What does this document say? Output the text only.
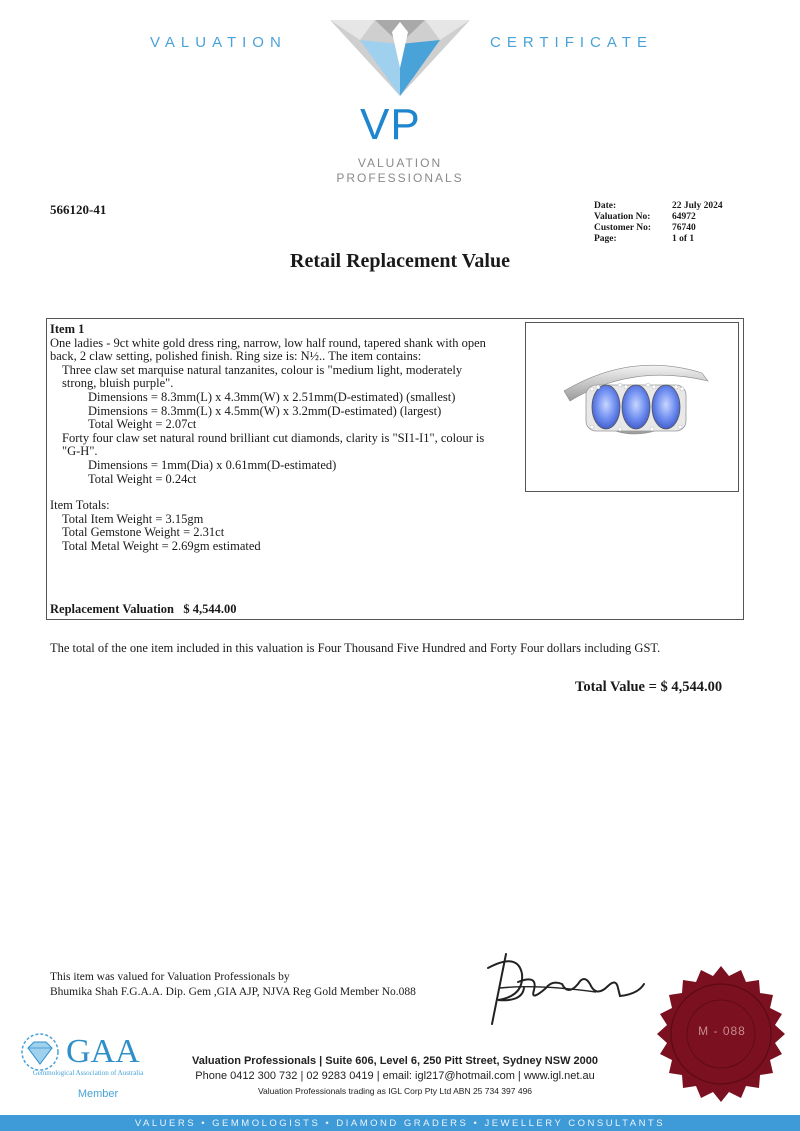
VALUATION	CERTIFICATE
VP
VALUATION
PROFESSIONALS
566120-41	Date:	22 July 2024
Valuation No:	64972
Customer No:	76740
Page:	1 of 1
Retail Replacement Value
Item 1
One ladies - 9ct white gold dress ring, narrow, low half round, tapered shank with open
back, 2 claw setting, polished finish. Ring size is: N½.. The item contains:
Three claw set marquise natural tanzanites, colour is "medium light, moderately
strong, bluish purple".
Dimensions = 8.3mm(L) x 4.3mm(W) x 2.51mm(D-estimated) (smallest)
Dimensions = 8.3mm(L) x 4.5mm(W) x 3.2mm(D-estimated) (largest)
Total Weight = 2.07ct
Forty four claw set natural round brilliant cut diamonds, clarity is "SI1-I1", colour is
"G-H".
Dimensions = 1mm(Dia) x 0.61mm(D-estimated)
Total Weight = 0.24ct
Item Totals:
Total Item Weight = 3.15gm
Total Gemstone Weight = 2.31ct
Total Metal Weight = 2.69gm estimated
Replacement Valuation $ 4,544.00
The total of the one item included in this valuation is Four Thousand Five Hundred and Forty Four dollars including GST.
Total Value = $ 4,544.00
This item was valued for Valuation Professionals by
Bhumika Shah F.G.A.A. Dip. Gem ,GIA AJP, NJVA Reg Gold Member No.088
M - 088
GAA
Gemmological Association of Australia
Member
Valuation Professionals | Suite 606, Level 6, 250 Pitt Street, Sydney NSW 2000
Phone 0412 300 732 | 02 9283 0419 | email: igl217@hotmail.com | www.igl.net.au
Valuation Professionals trading as IGL Corp Pty Ltd ABN 25 734 397 496
VALUERS • GEMMOLOGISTS • DIAMOND GRADERS • JEWELLERY CONSULTANTS
